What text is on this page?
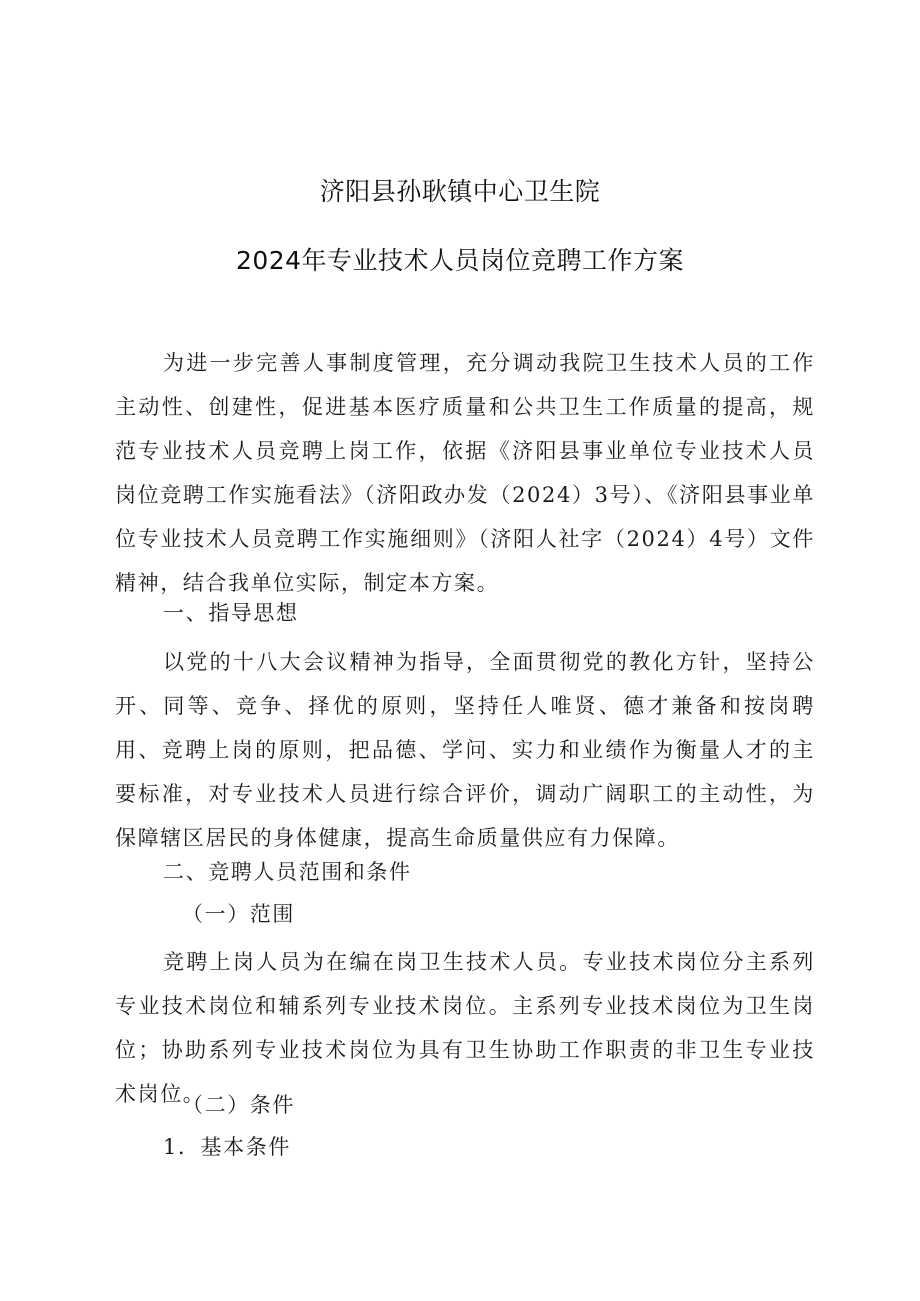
济阳县孙耿镇中心卫生院
2024年专业技术人员岗位竞聘工作方案

为进一步完善人事制度管理，充分调动我院卫生技术人员的工作主动性、创建性，促进基本医疗质量和公共卫生工作质量的提高，规范专业技术人员竞聘上岗工作，依据《济阳县事业单位专业技术人员岗位竞聘工作实施看法》（济阳政办发（2024）3号）、《济阳县事业单位专业技术人员竞聘工作实施细则》（济阳人社字（2024）4号）文件精神，结合我单位实际，制定本方案。

一、指导思想

以党的十八大会议精神为指导，全面贯彻党的教化方针，坚持公开、同等、竞争、择优的原则，坚持任人唯贤、德才兼备和按岗聘用、竞聘上岗的原则，把品德、学问、实力和业绩作为衡量人才的主要标准，对专业技术人员进行综合评价，调动广阔职工的主动性，为保障辖区居民的身体健康，提高生命质量供应有力保障。

二、竞聘人员范围和条件
（一）范围

竞聘上岗人员为在编在岗卫生技术人员。专业技术岗位分主系列专业技术岗位和辅系列专业技术岗位。主系列专业技术岗位为卫生岗位；协助系列专业技术岗位为具有卫生协助工作职责的非卫生专业技术岗位。

（二）条件
1．基本条件
